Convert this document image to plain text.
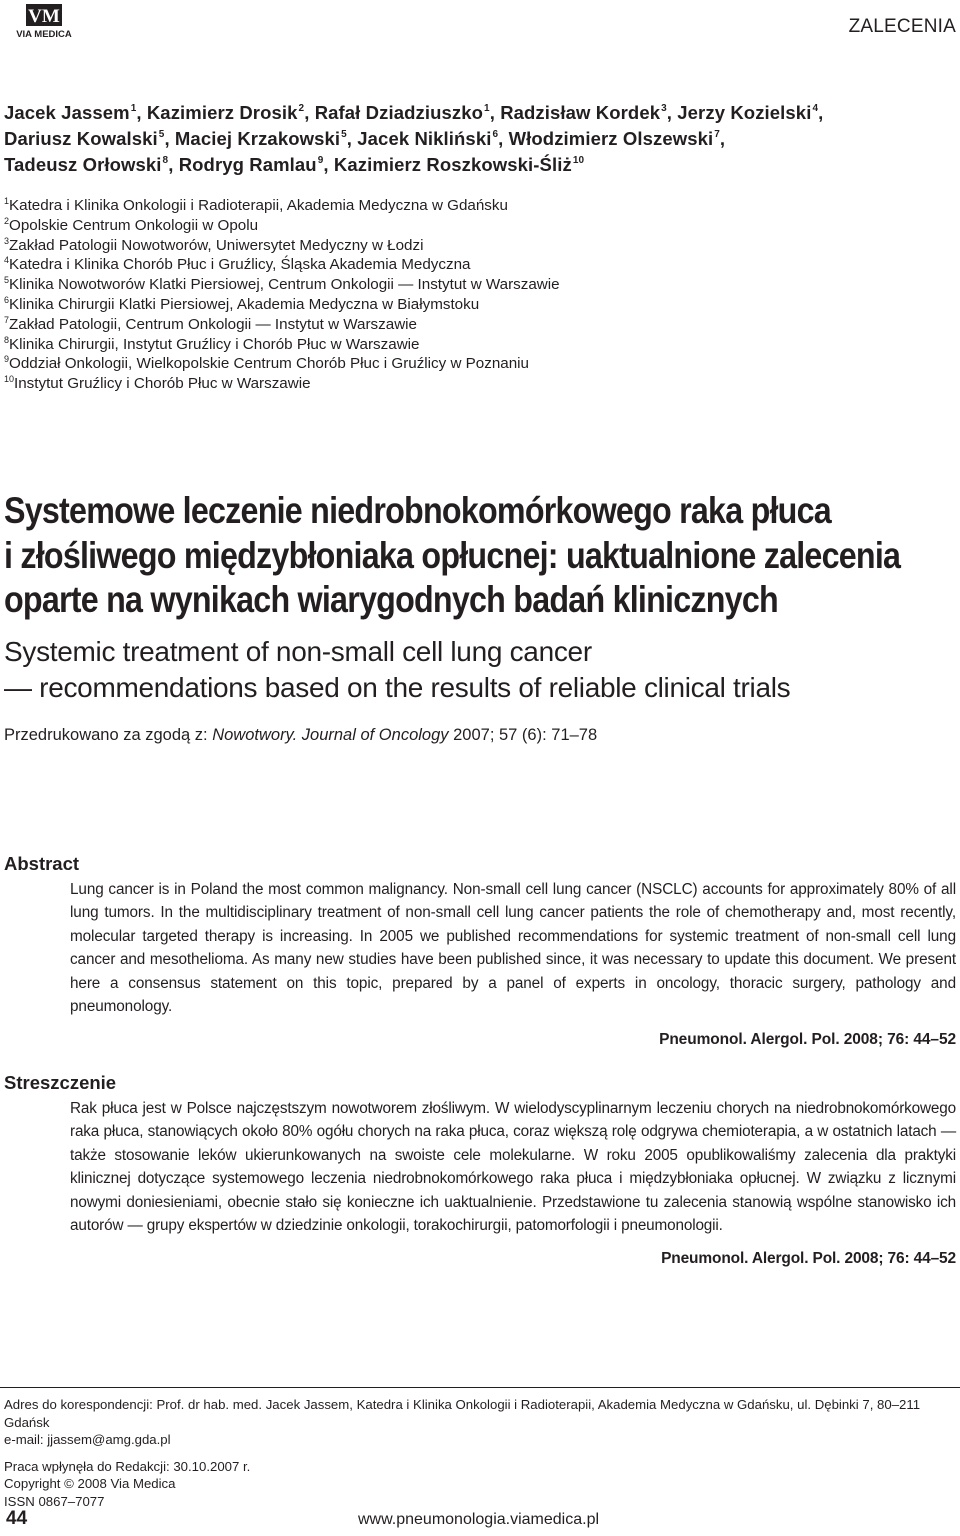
VM
VIA MEDICA	ZALECENIA
Jacek Jassem$^1$, Kazimierz Drosik$^2$, Rafał Dziadziuszko$^1$, Radzisław Kordek$^3$, Jerzy Kozielski$^4$,
Dariusz Kowalski$^5$, Maciej Krzakowski$^5$, Jacek Nikliński$^6$, Włodzimierz Olszewski$^7$,
Tadeusz Orłowski$^8$, Rodryg Ramlau$^9$, Kazimierz Roszkowski-Śliż$^{10}$
$^1$Katedra i Klinika Onkologii i Radioterapii, Akademia Medyczna w Gdańsku
$^2$Opolskie Centrum Onkologii w Opolu
$^3$Zakład Patologii Nowotworów, Uniwersytet Medyczny w Łodzi
$^4$Katedra i Klinika Chorób Płuc i Gruźlicy, Śląska Akademia Medyczna
$^5$Klinika Nowotworów Klatki Piersiowej, Centrum Onkologii — Instytut w Warszawie
$^6$Klinika Chirurgii Klatki Piersiowej, Akademia Medyczna w Białymstoku
$^7$Zakład Patologii, Centrum Onkologii — Instytut w Warszawie
$^8$Klinika Chirurgii, Instytut Gruźlicy i Chorób Płuc w Warszawie
$^9$Oddział Onkologii, Wielkopolskie Centrum Chorób Płuc i Gruźlicy w Poznaniu
$^{10}$Instytut Gruźlicy i Chorób Płuc w Warszawie
Systemowe leczenie niedrobnokomórkowego raka płuca
i złośliwego międzybłoniaka opłucnej: uaktualnione zalecenia
oparte na wynikach wiarygodnych badań klinicznych
Systemic treatment of non-small cell lung cancer
— recommendations based on the results of reliable clinical trials
Przedrukowano za zgodą z: Nowotwory. Journal of Oncology 2007; 57 (6): 71–78
Abstract
Lung cancer is in Poland the most common malignancy. Non-small cell lung cancer (NSCLC) accounts for approximately 80% of all lung tumors. In the multidisciplinary treatment of non-small cell lung cancer patients the role of chemotherapy and, most recently, molecular targeted therapy is increasing. In 2005 we published recommendations for systemic treatment of non-small cell lung cancer and mesothelioma. As many new studies have been published since, it was necessary to update this document. We present here a consensus statement on this topic, prepared by a panel of experts in oncology, thoracic surgery, pathology and pneumonology.
Pneumonol. Alergol. Pol. 2008; 76: 44–52
Streszczenie
Rak płuca jest w Polsce najczęstszym nowotworem złośliwym. W wielodyscyplinarnym leczeniu chorych na niedrobnokomórkowego raka płuca, stanowiących około 80% ogółu chorych na raka płuca, coraz większą rolę odgrywa chemioterapia, a w ostatnich latach — także stosowanie leków ukierunkowanych na swoiste cele molekularne. W roku 2005 opublikowaliśmy zalecenia dla praktyki klinicznej dotyczące systemowego leczenia niedrobnokomórkowego raka płuca i międzybłoniaka opłucnej. W związku z licznymi nowymi doniesieniami, obecnie stało się konieczne ich uaktualnienie. Przedstawione tu zalecenia stanowią wspólne stanowisko ich autorów — grupy ekspertów w dziedzinie onkologii, torakochirurgii, patomorfologii i pneumonologii.
Pneumonol. Alergol. Pol. 2008; 76: 44–52
Adres do korespondencji: Prof. dr hab. med. Jacek Jassem, Katedra i Klinika Onkologii i Radioterapii, Akademia Medyczna w Gdańsku, ul. Dębinki 7, 80–211 Gdańsk
e-mail: jjassem@amg.gda.pl
Praca wpłynęła do Redakcji: 30.10.2007 r.
Copyright © 2008 Via Medica
ISSN 0867–7077
44	www.pneumonologia.viamedica.pl
